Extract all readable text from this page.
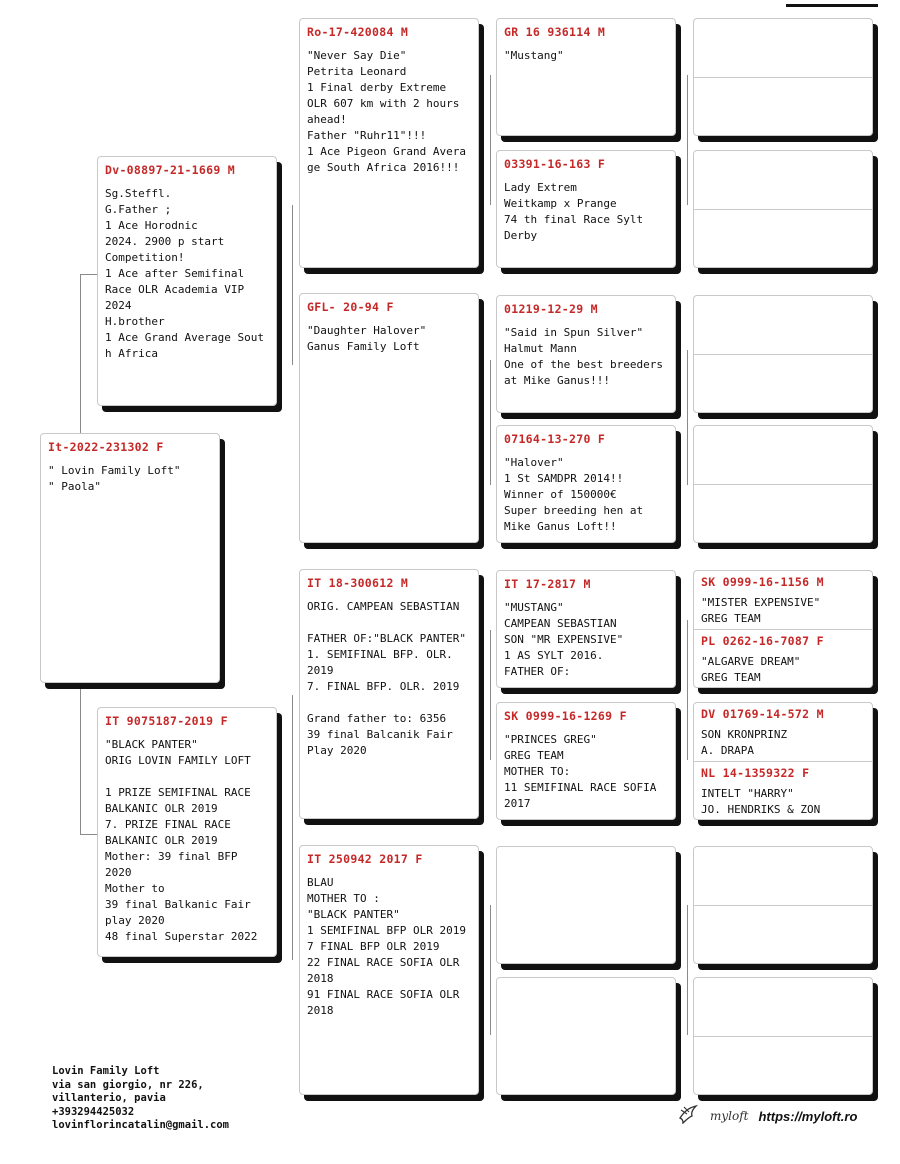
It-2022-231302 F
" Lovin Family Loft"
" Paola"
Dv-08897-21-1669 M
Sg.Steffl.
G.Father ;
1 Ace Horodnic
2024. 2900 p start
Competition!
1 Ace after Semifinal
Race OLR Academia VIP
2024
H.brother
1 Ace Grand Average Sout
h Africa
IT 9075187-2019 F
"BLACK PANTER"
ORIG LOVIN FAMILY LOFT

1 PRIZE SEMIFINAL RACE
BALKANIC OLR 2019
7. PRIZE FINAL RACE
BALKANIC OLR 2019
Mother: 39 final BFP
2020
Mother to
39 final Balkanic Fair
play 2020
48 final Superstar 2022
Ro-17-420084 M
"Never Say Die"
Petrita Leonard
1 Final derby Extreme
OLR 607 km with 2 hours
ahead!
Father "Ruhr11"!!!
1 Ace Pigeon Grand Avera
ge South Africa 2016!!!
GFL- 20-94 F
"Daughter Halover"
Ganus Family Loft
IT 18-300612 M
ORIG. CAMPEAN SEBASTIAN

FATHER OF:"BLACK PANTER"
1. SEMIFINAL BFP. OLR.
2019
7. FINAL BFP. OLR. 2019

Grand father to: 6356
39 final Balcanik Fair
Play 2020
IT 250942 2017 F
BLAU
MOTHER TO :
"BLACK PANTER"
1 SEMIFINAL BFP OLR 2019
7 FINAL BFP OLR 2019
22 FINAL RACE SOFIA OLR
2018
91 FINAL RACE SOFIA OLR
2018
GR 16 936114 M
"Mustang"
03391-16-163 F
Lady Extrem
Weitkamp x Prange
74 th final Race Sylt
Derby
01219-12-29 M
"Said in Spun Silver"
Halmut Mann
One of the best breeders
at Mike Ganus!!!
07164-13-270 F
"Halover"
1 St SAMDPR 2014!!
Winner of 150000€
Super breeding hen at
Mike Ganus Loft!!
IT 17-2817 M
"MUSTANG"
CAMPEAN SEBASTIAN
SON "MR EXPENSIVE"
1 AS SYLT 2016.
FATHER OF:
SK 0999-16-1269 F
"PRINCES GREG"
GREG TEAM
MOTHER TO:
11 SEMIFINAL RACE SOFIA
2017
SK 0999-16-1156 M
"MISTER EXPENSIVE"
GREG TEAM
PL 0262-16-7087 F
"ALGARVE DREAM"
GREG TEAM
DV 01769-14-572 M
SON KRONPRINZ
A. DRAPA
NL 14-1359322 F
INTELT "HARRY"
JO. HENDRIKS & ZON
Lovin Family Loft
via san giorgio, nr 226,
villanterio, pavia
+393294425032
lovinflorincatalin@gmail.com
myloft https://myloft.ro
